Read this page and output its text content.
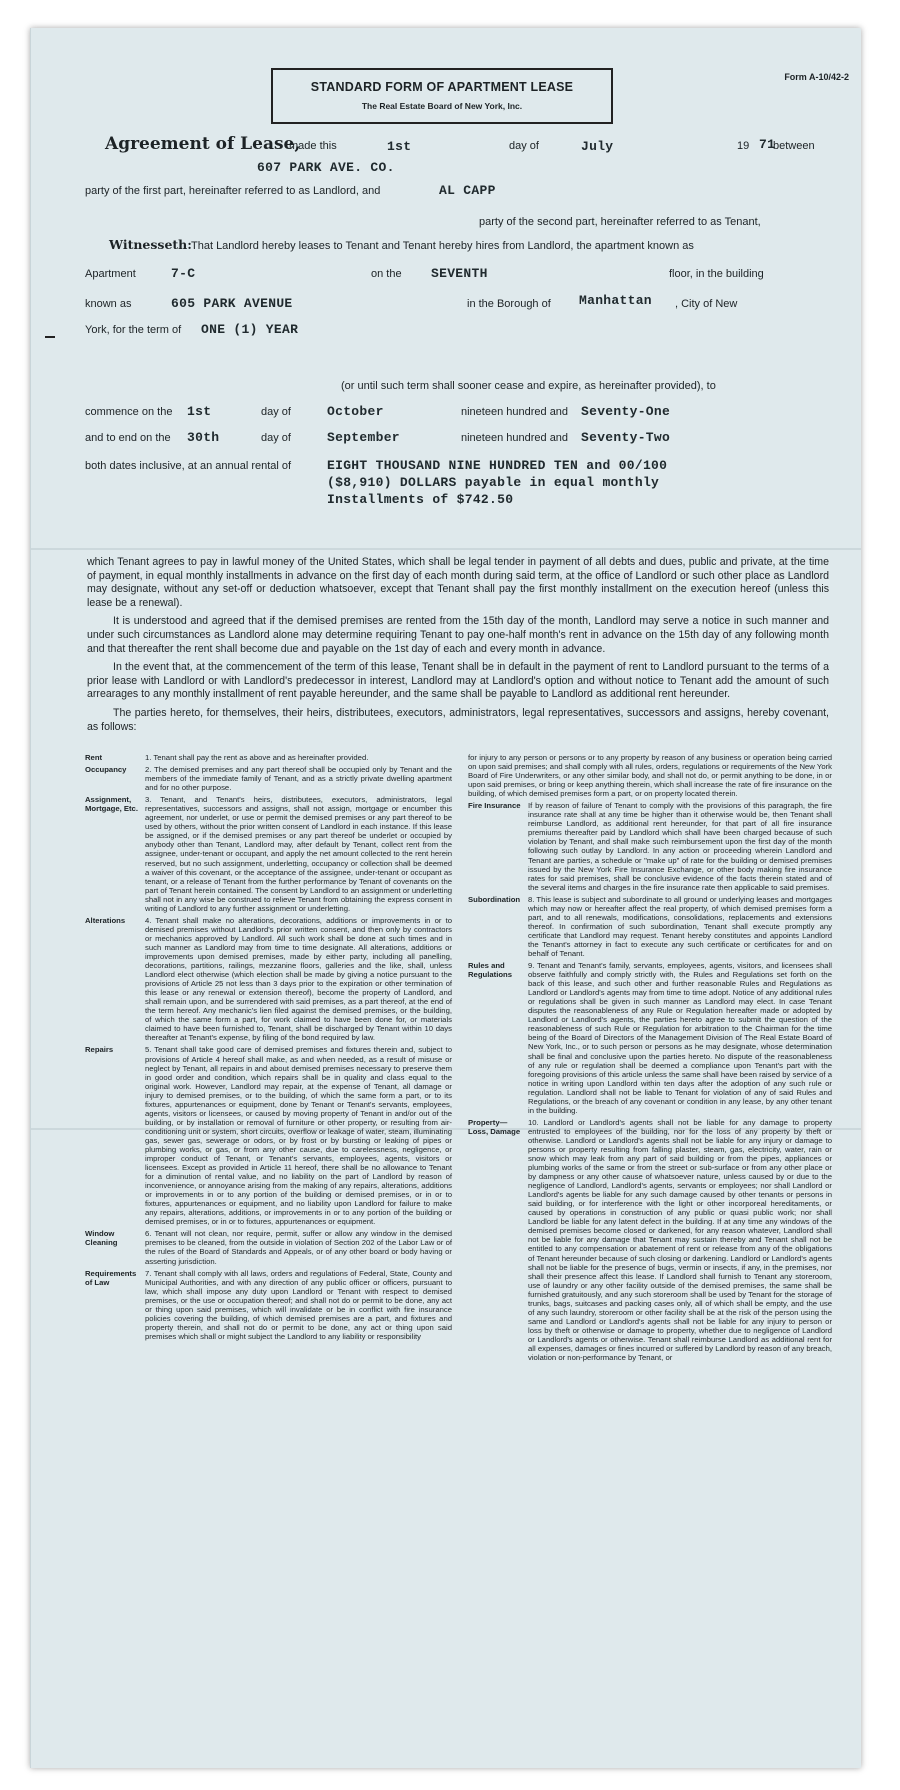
STANDARD FORM OF APARTMENT LEASE
The Real Estate Board of New York, Inc.
Form A-10/42-2
Agreement of Lease,
made this	1st	day of	July	19 71
between
607 PARK AVE. CO.
party of the first part, hereinafter referred to as Landlord, and	AL CAPP
party of the second part, hereinafter referred to as Tenant,
Witnesseth: That Landlord hereby leases to Tenant and Tenant hereby hires from Landlord, the apartment known as
Apartment	7-C	on the SEVENTH	floor, in the building
known as	605 PARK AVENUE	in the Borough of Manhattan , City of New
York, for the term of ONE (1) YEAR
(or until such term shall sooner cease and expire, as hereinafter provided), to
commence on the 1st	day of	October	nineteen hundred and Seventy-One
and to end on the 30th	day of	September	nineteen hundred and Seventy-Two
both dates inclusive, at an annual rental of	EIGHT THOUSAND NINE HUNDRED TEN and 00/100
($8,910) DOLLARS payable in equal monthly
Installments of $742.50

which Tenant agrees to pay in lawful money of the United States, which shall be legal tender in payment of all debts and dues, public and private, at the time of payment, in equal monthly installments in advance on the first day of each month during said term, at the office of Landlord or such other place as Landlord may designate, without any set-off or deduction whatsoever, except that Tenant shall pay the first monthly installment on the execution hereof (unless this lease be a renewal).

It is understood and agreed that if the demised premises are rented from the 15th day of the month, Landlord may serve a notice in such manner and under such circumstances as Landlord alone may determine requiring Tenant to pay one-half month's rent in advance on the 15th day of any following month and that thereafter the rent shall become due and payable on the 1st day of each and every month in advance.

In the event that, at the commencement of the term of this lease, Tenant shall be in default in the payment of rent to Landlord pursuant to the terms of a prior lease with Landlord or with Landlord's predecessor in interest, Landlord may at Landlord's option and without notice to Tenant add the amount of such arrearages to any monthly installment of rent payable hereunder, and the same shall be payable to Landlord as additional rent hereunder.

The parties hereto, for themselves, their heirs, distributees, executors, administrators, legal representatives, successors and assigns, hereby covenant, as follows:

Rent	1. Tenant shall pay the rent as above and as hereinafter provided.
Occupancy	2. The demised premises and any part thereof shall be occupied only by Tenant and the members of the immediate family of Tenant, and as a strictly private dwelling apartment and for no other purpose.
Assignment, Mortgage, Etc.
3. Tenant, and Tenant's heirs, distributees, executors, administrators, legal representatives, successors and assigns, shall not assign, mortgage or encumber this agreement, nor underlet, or use or permit the demised premises or any part thereof to be used by others, without the prior written consent of Landlord in each instance. If this lease be assigned, or if the demised premises or any part thereof be underlet or occupied by anybody other than Tenant, Landlord may, after default by Tenant, collect rent from the assignee, under-tenant or occupant, and apply the net amount collected to the rent herein reserved, but no such assignment, underletting, occupancy or collection shall be deemed a waiver of this covenant, or the acceptance of the assignee, under-tenant or occupant as tenant, or a release of Tenant from the further performance by Tenant of covenants on the part of Tenant herein contained. The consent by Landlord to an assignment or underletting shall not in any wise be construed to relieve Tenant from obtaining the express consent in writing of Landlord to any further assignment or underletting.
Alterations	4. Tenant shall make no alterations, decorations, additions or improvements in or to demised premises without Landlord's prior written consent, and then only by contractors or mechanics approved by Landlord. All such work shall be done at such times and in such manner as Landlord may from time to time designate. All alterations, additions or improvements upon demised premises, made by either party, including all panelling, decorations, partitions, railings, mezzanine floors, galleries and the like, shall, unless Landlord elect otherwise (which election shall be made by giving a notice pursuant to the provisions of Article 25 not less than 3 days prior to the expiration or other termination of this lease or any renewal or extension thereof), become the property of Landlord, and shall remain upon, and be surrendered with said premises, as a part thereof, at the end of the term hereof. Any mechanic's lien filed against the demised premises, or the building, of which the same form a part, for work claimed to have been done for, or materials claimed to have been furnished to, Tenant, shall be discharged by Tenant within 10 days thereafter at Tenant's expense, by filing of the bond required by law.
Repairs	5. Tenant shall take good care of demised premises and fixtures therein and, subject to provisions of Article 4 hereof shall make, as and when needed, as a result of misuse or neglect by Tenant, all repairs in and about demised premises necessary to preserve them in good order and condition, which repairs shall be in quality and class equal to the original work. However, Landlord may repair, at the expense of Tenant, all damage or injury to demised premises, or to the building, of which the same form a part, or to its fixtures, appurtenances or equipment, done by Tenant or Tenant's servants, employees, agents, visitors or licensees, or caused by moving property of Tenant in and/or out of the building, or by installation or removal of furniture or other property, or resulting from air-conditioning unit or system, short circuits, overflow or leakage of water, steam, illuminating gas, sewer gas, sewerage or odors, or by frost or by bursting or leaking of pipes or plumbing works, or gas, or from any other cause, due to carelessness, negligence, or improper conduct of Tenant, or Tenant's servants, employees, agents, visitors or licensees. Except as provided in Article 11 hereof, there shall be no allowance to Tenant for a diminution of rental value, and no liability on the part of Landlord by reason of inconvenience, or annoyance arising from the making of any repairs, alterations, additions or improvements in or to any portion of the building or demised premises, or in or to fixtures, appurtenances or equipment, and no liability upon Landlord for failure to make any repairs, alterations, additions, or improvements in or to any portion of the building or demised premises, or in or to fixtures, appurtenances or equipment.
Window Cleaning
6. Tenant will not clean, nor require, permit, suffer or allow any window in the demised premises to be cleaned, from the outside in violation of Section 202 of the Labor Law or of the rules of the Board of Standards and Appeals, or of any other board or body having or asserting jurisdiction.
Requirements of Law
7. Tenant shall comply with all laws, orders and regulations of Federal, State, County and Municipal Authorities, and with any direction of any public officer or officers, pursuant to law, which shall impose any duty upon Landlord or Tenant with respect to demised premises, or the use or occupation thereof; and shall not do or permit to be done, any act or thing upon said premises, which will invalidate or be in conflict with fire insurance policies covering the building, of which demised premises are a part, and fixtures and property therein, and shall not do or permit to be done, any act or thing upon said premises which shall or might subject the Landlord to any liability or responsibility
for injury to any person or persons or to any property by reason of any business or operation being carried on upon said premises; and shall comply with all rules, orders, regulations or requirements of the New York Board of Fire Underwriters, or any other similar body, and shall not do, or permit anything to be done, in or upon said premises, or bring or keep anything therein, which shall increase the rate of fire insurance on the building, of which demised premises form a part, or on property located therein.
Fire Insurance If by reason of failure of Tenant to comply with the provisions of this paragraph, the fire insurance rate shall at any time be higher than it otherwise would be, then Tenant shall reimburse Landlord, as additional rent hereunder, for that part of all fire insurance premiums thereafter paid by Landlord which shall have been charged because of such violation by Tenant, and shall make such reimbursement upon the first day of the month following such outlay by Landlord. In any action or proceeding wherein Landlord and Tenant are parties, a schedule or "make up" of rate for the building or demised premises issued by the New York Fire Insurance Exchange, or other body making fire insurance rates for said premises, shall be conclusive evidence of the facts therein stated and of the several items and charges in the fire insurance rate then applicable to said premises.
Subordination	8. This lease is subject and subordinate to all ground or underlying leases and mortgages which may now or hereafter affect the real property, of which demised premises form a part, and to all renewals, modifications, consolidations, replacements and extensions thereof. In confirmation of such subordination, Tenant shall execute promptly any certificate that Landlord may request. Tenant hereby constitutes and appoints Landlord the Tenant's attorney in fact to execute any such certificate or certificates for and on behalf of Tenant.
Rules and Regulations
9. Tenant and Tenant's family, servants, employees, agents, visitors, and licensees shall observe faithfully and comply strictly with, the Rules and Regulations set forth on the back of this lease, and such other and further reasonable Rules and Regulations as Landlord or Landlord's agents may from time to time adopt. Notice of any additional rules or regulations shall be given in such manner as Landlord may elect. In case Tenant disputes the reasonableness of any Rule or Regulation hereafter made or adopted by Landlord or Landlord's agents, the parties hereto agree to submit the question of the reasonableness of such Rule or Regulation for arbitration to the Chairman for the time being of the Board of Directors of the Management Division of The Real Estate Board of New York, Inc., or to such person or persons as he may designate, whose determination shall be final and conclusive upon the parties hereto. No dispute of the reasonableness of any rule or regulation shall be deemed a compliance upon Tenant's part with the foregoing provisions of this article unless the same shall have been raised by service of a notice in writing upon Landlord within ten days after the adoption of any such rule or regulation. Landlord shall not be liable to Tenant for violation of any of said Rules and Regulations, or the breach of any covenant or condition in any lease, by any other tenant in the building.
Property— Loss, Damage
10. Landlord or Landlord's agents shall not be liable for any damage to property entrusted to employees of the building, nor for the loss of any property by theft or otherwise. Landlord or Landlord's agents shall not be liable for any injury or damage to persons or property resulting from falling plaster, steam, gas, electricity, water, rain or snow which may leak from any part of said building or from the pipes, appliances or plumbing works of the same or from the street or sub-surface or from any other place or by dampness or any other cause of whatsoever nature, unless caused by or due to the negligence of Landlord, Landlord's agents, servants or employees; nor shall Landlord or Landlord's agents be liable for any such damage caused by other tenants or persons in said building, or for interference with the light or other incorporeal hereditaments, or caused by operations in construction of any public or quasi public work; nor shall Landlord be liable for any latent defect in the building. If at any time any windows of the demised premises become closed or darkened, for any reason whatever, Landlord shall not be liable for any damage that Tenant may sustain thereby and Tenant shall not be entitled to any compensation or abatement of rent or release from any of the obligations of Tenant hereunder because of such closing or darkening. Landlord or Landlord's agents shall not be liable for the presence of bugs, vermin or insects, if any, in the premises, nor shall their presence affect this lease. If Landlord shall furnish to Tenant any storeroom, use of laundry or any other facility outside of the demised premises, the same shall be furnished gratuitously, and any such storeroom shall be used by Tenant for the storage of trunks, bags, suitcases and packing cases only, all of which shall be empty, and the use of any such laundry, storeroom or other facility shall be at the risk of the person using the same and Landlord or Landlord's agents shall not be liable for any injury to person or loss by theft or otherwise or damage to property, whether due to negligence of Landlord or Landlord's agents or otherwise. Tenant shall reimburse Landlord as additional rent for all expenses, damages or fines incurred or suffered by Landlord by reason of any breach, violation or non-performance by Tenant, or
